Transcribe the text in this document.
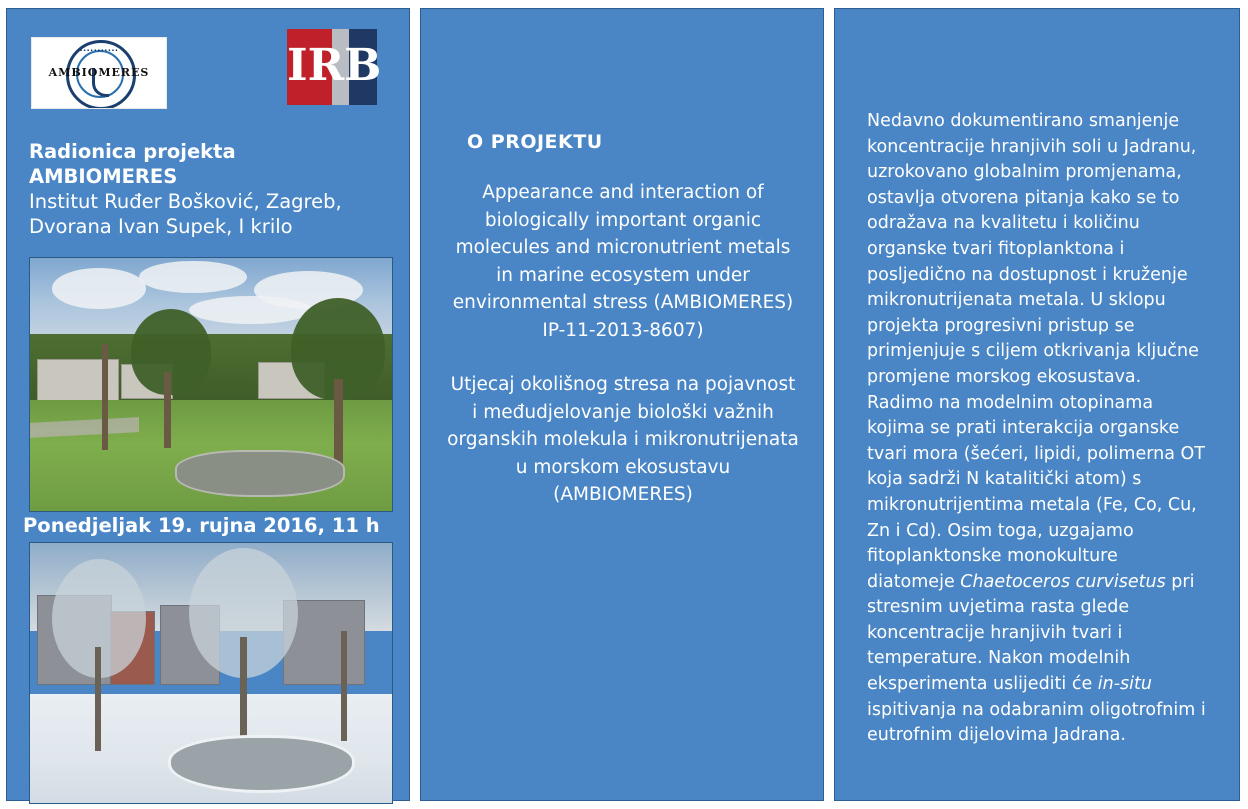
...........
AMBIOMERES	IRB
Radionica projekta
AMBIOMERES
Institut Ruđer Bošković, Zagreb,
Dvorana Ivan Supek, I krilo
Ponedjeljak 19. rujna 2016, 11 h
O PROJEKTU

Appearance and interaction of biologically important organic molecules and micronutrient metals in marine ecosystem under environmental stress (AMBIOMERES) IP-11-2013-8607)

Utjecaj okolišnog stresa na pojavnost i međudjelovanje biološki važnih organskih molekula i mikronutrijenata u morskom ekosustavu (AMBIOMERES)

Nedavno dokumentirano smanjenje koncentracije hranjivih soli u Jadranu, uzrokovano globalnim promjenama, ostavlja otvorena pitanja kako se to odražava na kvalitetu i količinu organske tvari fitoplanktona i posljedično na dostupnost i kruženje mikronutrijenata metala. U sklopu projekta progresivni pristup se primjenjuje s ciljem otkrivanja ključne promjene morskog ekosustava. Radimo na modelnim otopinama kojima se prati interakcija organske tvari mora (šećeri, lipidi, polimerna OT koja sadrži N katalitički atom) s mikronutrijentima metala (Fe, Co, Cu, Zn i Cd). Osim toga, uzgajamo fitoplanktonske monokulture diatomeje Chaetoceros curvisetus pri stresnim uvjetima rasta glede koncentracije hranjivih tvari i temperature. Nakon modelnih eksperimenta uslijediti će in-situ ispitivanja na odabranim oligotrofnim i eutrofnim dijelovima Jadrana.
